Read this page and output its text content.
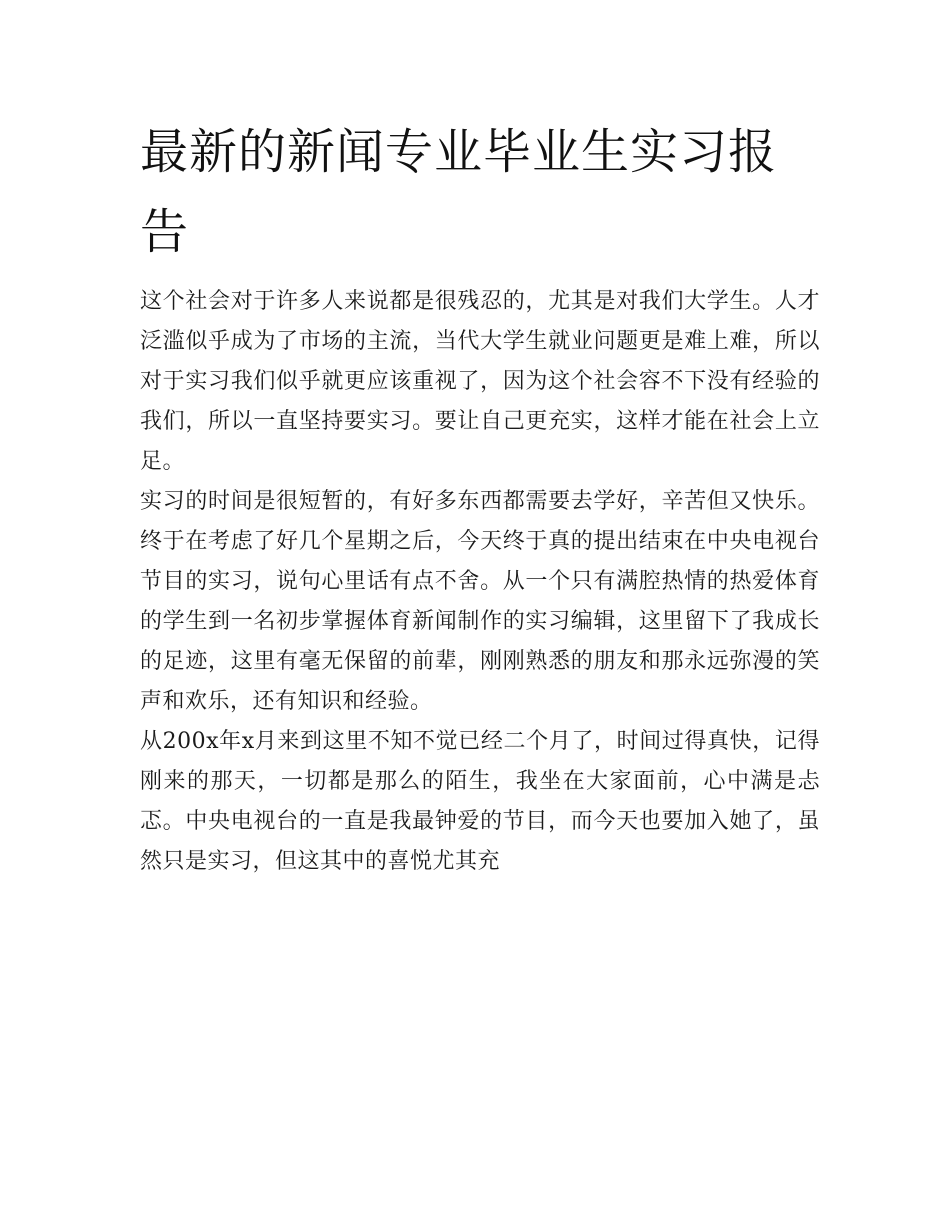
最新的新闻专业毕业生实习报告

这个社会对于许多人来说都是很残忍的，尤其是对我们大学生。人才泛滥似乎成为了市场的主流，当代大学生就业问题更是难上难，所以对于实习我们似乎就更应该重视了，因为这个社会容不下没有经验的我们，所以一直坚持要实习。要让自己更充实，这样才能在社会上立足。

实习的时间是很短暂的，有好多东西都需要去学好，辛苦但又快乐。终于在考虑了好几个星期之后，今天终于真的提出结束在中央电视台节目的实习，说句心里话有点不舍。从一个只有满腔热情的热爱体育的学生到一名初步掌握体育新闻制作的实习编辑，这里留下了我成长的足迹，这里有毫无保留的前辈，刚刚熟悉的朋友和那永远弥漫的笑声和欢乐，还有知识和经验。

从200x年x月来到这里不知不觉已经二个月了，时间过得真快，记得刚来的那天，一切都是那么的陌生，我坐在大家面前，心中满是忐忑。中央电视台的一直是我最钟爱的节目，而今天也要加入她了，虽然只是实习，但这其中的喜悦尤其充
